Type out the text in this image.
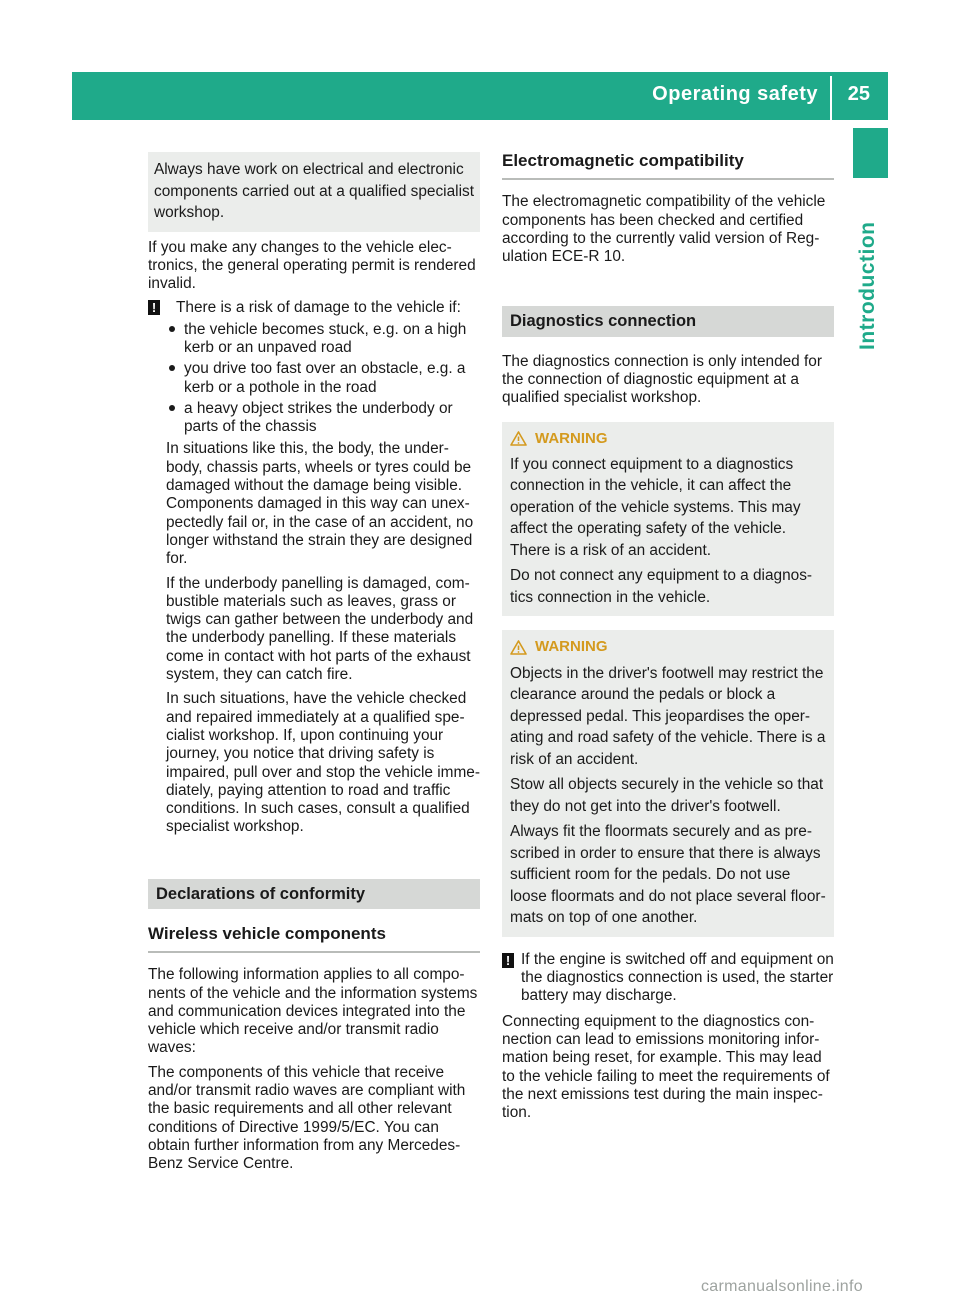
Operating safety 25
Introduction

Always have work on electrical and electronic components carried out at a qualified specialist workshop.

If you make any changes to the vehicle electronics, the general operating permit is rendered invalid.

! There is a risk of damage to the vehicle if:
the vehicle becomes stuck, e.g. on a high kerb or an unpaved road
you drive too fast over an obstacle, e.g. a kerb or a pothole in the road
a heavy object strikes the underbody or parts of the chassis

In situations like this, the body, the underbody, chassis parts, wheels or tyres could be damaged without the damage being visible. Components damaged in this way can unexpectedly fail or, in the case of an accident, no longer withstand the strain they are designed for.

If the underbody panelling is damaged, combustible materials such as leaves, grass or twigs can gather between the underbody and the underbody panelling. If these materials come in contact with hot parts of the exhaust system, they can catch fire.

In such situations, have the vehicle checked and repaired immediately at a qualified specialist workshop. If, upon continuing your journey, you notice that driving safety is impaired, pull over and stop the vehicle immediately, paying attention to road and traffic conditions. In such cases, consult a qualified specialist workshop.

Declarations of conformity
Wireless vehicle components

The following information applies to all components of the vehicle and the information systems and communication devices integrated into the vehicle which receive and/or transmit radio waves:

The components of this vehicle that receive and/or transmit radio waves are compliant with the basic requirements and all other relevant conditions of Directive 1999/5/EC. You can obtain further information from any Mercedes-Benz Service Centre.

Electromagnetic compatibility

The electromagnetic compatibility of the vehicle components has been checked and certified according to the currently valid version of Regulation ECE-R 10.

Diagnostics connection

The diagnostics connection is only intended for the connection of diagnostic equipment at a qualified specialist workshop.

WARNING

If you connect equipment to a diagnostics connection in the vehicle, it can affect the operation of the vehicle systems. This may affect the operating safety of the vehicle. There is a risk of an accident.

Do not connect any equipment to a diagnostics connection in the vehicle.

WARNING

Objects in the driver's footwell may restrict the clearance around the pedals or block a depressed pedal. This jeopardises the operating and road safety of the vehicle. There is a risk of an accident.

Stow all objects securely in the vehicle so that they do not get into the driver's footwell.

Always fit the floormats securely and as prescribed in order to ensure that there is always sufficient room for the pedals. Do not use loose floormats and do not place several floormats on top of one another.

! If the engine is switched off and equipment on the diagnostics connection is used, the starter battery may discharge.

Connecting equipment to the diagnostics connection can lead to emissions monitoring information being reset, for example. This may lead to the vehicle failing to meet the requirements of the next emissions test during the main inspection.

carmanualsonline.info
